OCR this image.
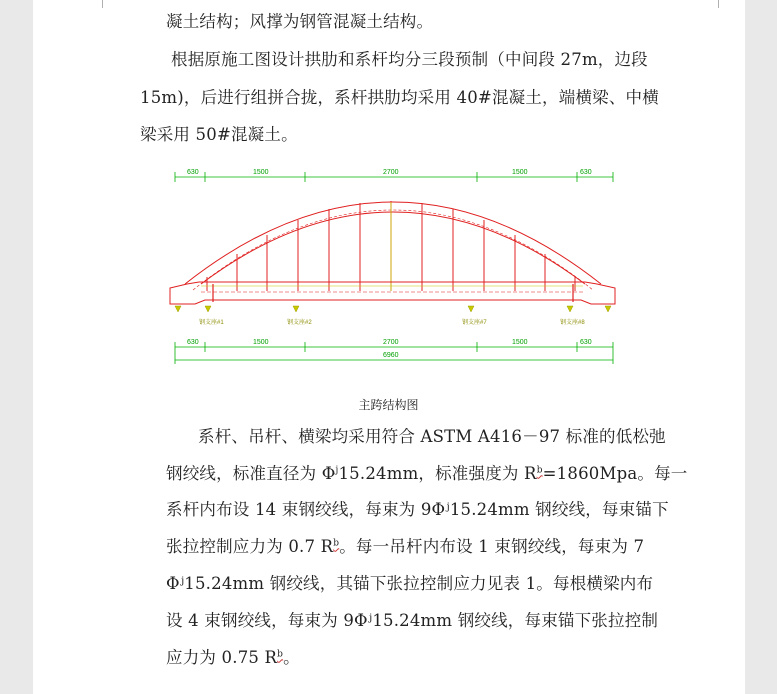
凝土结构；风撑为钢管混凝土结构。
根据原施工图设计拱肋和系杆均分三段预制（中间段 27m，边段
15m)，后进行组拼合拢，系杆拱肋均采用 40#混凝土，端横梁、中横
梁采用 50#混凝土。
630	1500	2700	1500	630
钢支座#1	钢支座#2	钢支座#7	钢支座#8
630	1500	2700	1500	630
6960
主跨结构图
系杆、吊杆、横梁均采用符合 ASTM A416－97 标准的低松弛
钢绞线，标准直径为 $\Phi^j15.24mm$，标准强度为 $R^b=1860Mpa$。每一
系杆内布设 14 束钢绞线，每束为 9Φʲ15.24mm 钢绞线，每束锚下
张拉控制应力为 0.7 $R^b$。每一吊杆内布设 1 束钢绞线，每束为 7
Φʲ15.24mm 钢绞线，其锚下张拉控制应力见表 1。每根横梁内布
设 4 束钢绞线，每束为 9Φʲ15.24mm 钢绞线，每束锚下张拉控制
应力为 0.75 $R^b$。
